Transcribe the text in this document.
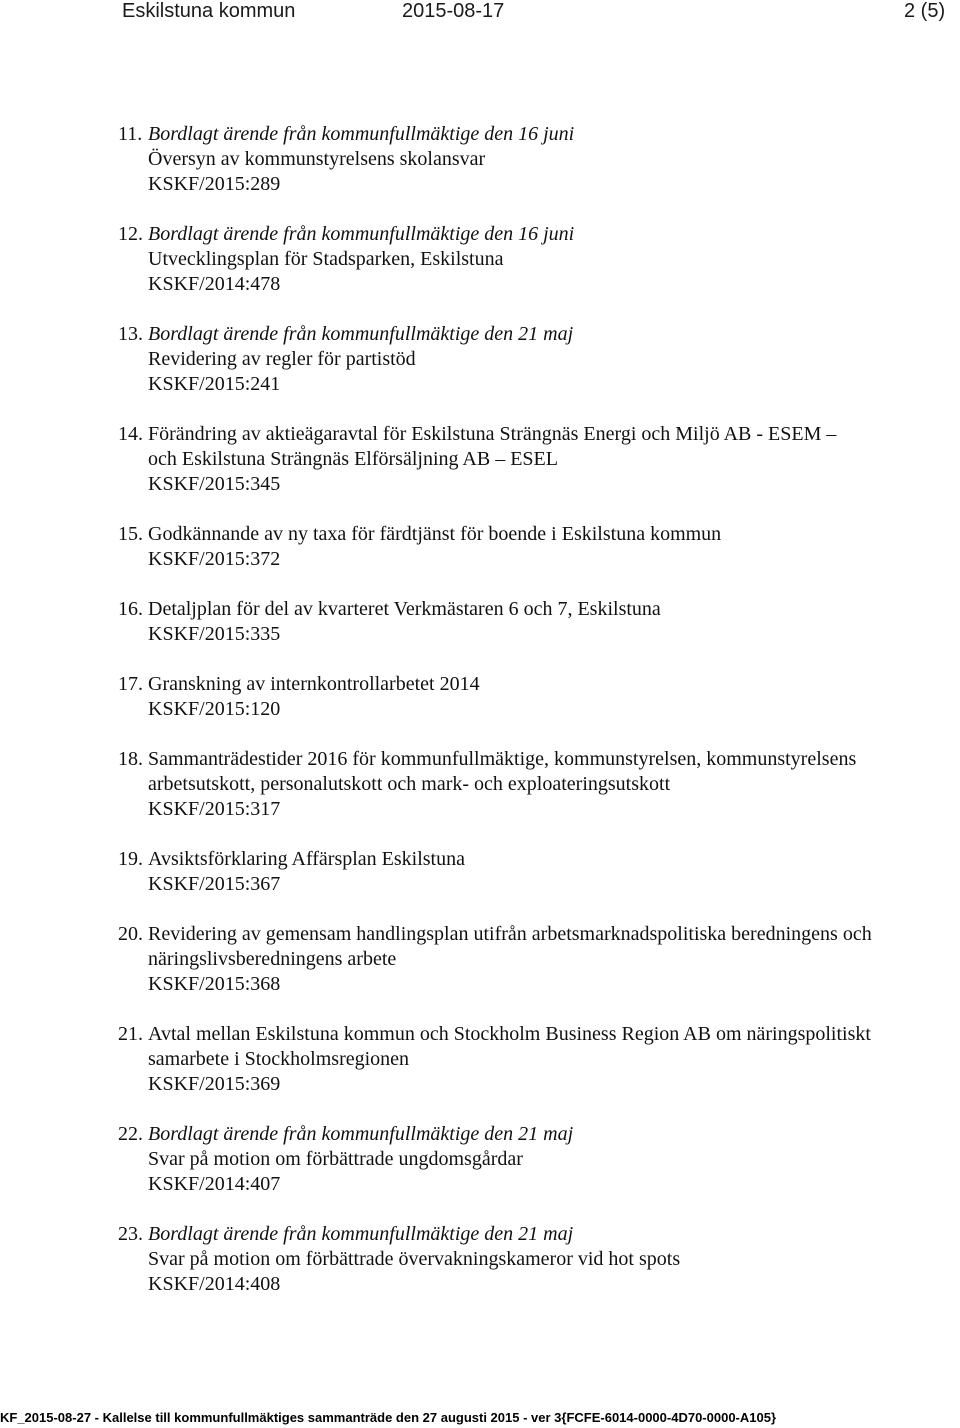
Eskilstuna kommun	2015-08-17	2 (5)
11. Bordlagt ärende från kommunfullmäktige den 16 juni
Översyn av kommunstyrelsens skolansvar
KSKF/2015:289
12. Bordlagt ärende från kommunfullmäktige den 16 juni
Utvecklingsplan för Stadsparken, Eskilstuna
KSKF/2014:478
13. Bordlagt ärende från kommunfullmäktige den 21 maj
Revidering av regler för partistöd
KSKF/2015:241
14. Förändring av aktieägaravtal för Eskilstuna Strängnäs Energi och Miljö AB - ESEM –
och Eskilstuna Strängnäs Elförsäljning AB – ESEL
KSKF/2015:345
15. Godkännande av ny taxa för färdtjänst för boende i Eskilstuna kommun
KSKF/2015:372
16. Detaljplan för del av kvarteret Verkmästaren 6 och 7, Eskilstuna
KSKF/2015:335
17. Granskning av internkontrollarbetet 2014
KSKF/2015:120
18. Sammanträdestider 2016 för kommunfullmäktige, kommunstyrelsen, kommunstyrelsens
arbetsutskott, personalutskott och mark- och exploateringsutskott
KSKF/2015:317
19. Avsiktsförklaring Affärsplan Eskilstuna
KSKF/2015:367
20. Revidering av gemensam handlingsplan utifrån arbetsmarknadspolitiska beredningens och
näringslivsberedningens arbete
KSKF/2015:368
21. Avtal mellan Eskilstuna kommun och Stockholm Business Region AB om näringspolitiskt
samarbete i Stockholmsregionen
KSKF/2015:369
22. Bordlagt ärende från kommunfullmäktige den 21 maj
Svar på motion om förbättrade ungdomsgårdar
KSKF/2014:407
23. Bordlagt ärende från kommunfullmäktige den 21 maj
Svar på motion om förbättrade övervakningskameror vid hot spots
KSKF/2014:408
KF_2015-08-27 - Kallelse till kommunfullmäktiges sammanträde den 27 augusti 2015 - ver 3{FCFE-6014-0000-4D70-0000-A105}
